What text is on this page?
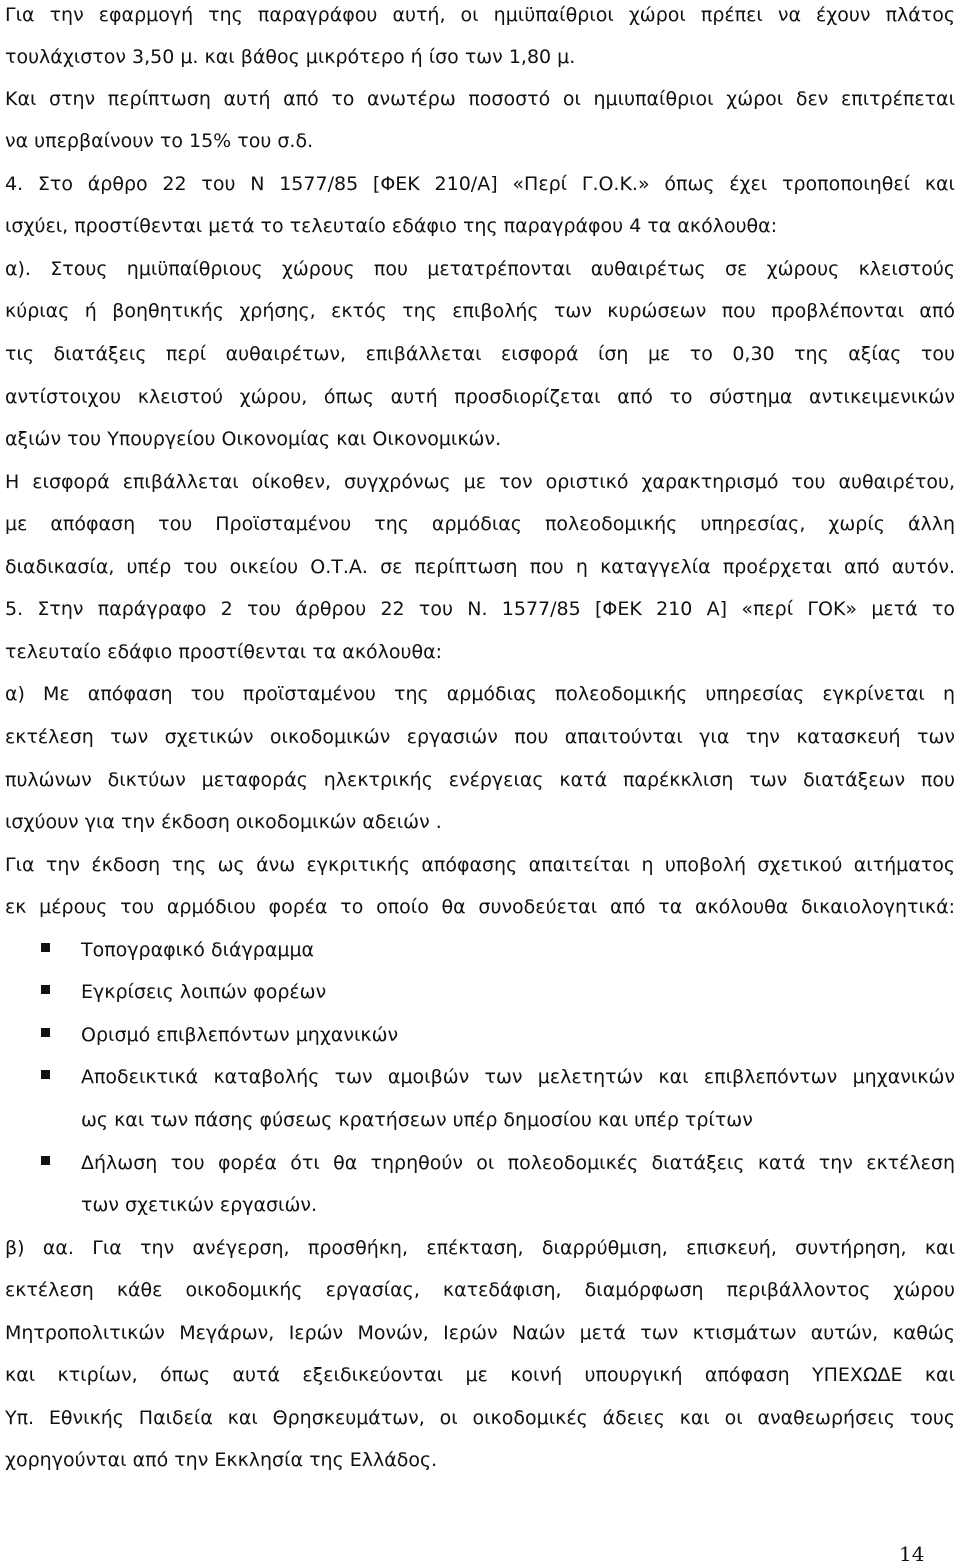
Για την εφαρμογή της παραγράφου αυτή, οι ημιϋπαίθριοι χώροι πρέπει να έχουν πλάτος
τουλάχιστον 3,50 μ. και βάθος μικρότερο ή ίσο των 1,80 μ.
Και στην περίπτωση αυτή από το ανωτέρω ποσοστό οι ημιυπαίθριοι χώροι δεν επιτρέπεται
να υπερβαίνουν το 15% του σ.δ.
4. Στο άρθρο 22 του Ν 1577/85 [ΦΕΚ 210/Α] «Περί Γ.Ο.Κ.» όπως έχει τροποποιηθεί και
ισχύει, προστίθενται μετά το τελευταίο εδάφιο της παραγράφου 4 τα ακόλουθα:
α). Στους ημιϋπαίθριους χώρους που μετατρέπονται αυθαιρέτως σε χώρους κλειστούς
κύριας ή βοηθητικής χρήσης, εκτός της επιβολής των κυρώσεων που προβλέπονται από
τις διατάξεις περί αυθαιρέτων, επιβάλλεται εισφορά ίση με το 0,30 της αξίας του
αντίστοιχου κλειστού χώρου, όπως αυτή προσδιορίζεται από το σύστημα αντικειμενικών
αξιών του Υπουργείου Οικονομίας και Οικονομικών.
Η εισφορά επιβάλλεται οίκοθεν, συγχρόνως με τον οριστικό χαρακτηρισμό του αυθαιρέτου,
με απόφαση του Προϊσταμένου της αρμόδιας πολεοδομικής υπηρεσίας, χωρίς άλλη
διαδικασία, υπέρ του οικείου Ο.Τ.Α. σε περίπτωση που η καταγγελία προέρχεται από αυτόν.
5. Στην παράγραφο 2 του άρθρου 22 του Ν. 1577/85 [ΦΕΚ 210 Α] «περί ΓΟΚ» μετά το
τελευταίο εδάφιο προστίθενται τα ακόλουθα:
α) Με απόφαση του προϊσταμένου της αρμόδιας πολεοδομικής υπηρεσίας εγκρίνεται η
εκτέλεση των σχετικών οικοδομικών εργασιών που απαιτούνται για την κατασκευή των
πυλώνων δικτύων μεταφοράς ηλεκτρικής ενέργειας κατά παρέκκλιση των διατάξεων που
ισχύουν για την έκδοση οικοδομικών αδειών .
Για την έκδοση της ως άνω εγκριτικής απόφασης απαιτείται η υποβολή σχετικού αιτήματος
εκ μέρους του αρμόδιου φορέα το οποίο θα συνοδεύεται από τα ακόλουθα δικαιολογητικά:
Τοπογραφικό διάγραμμα
Εγκρίσεις λοιπών φορέων
Ορισμό επιβλεπόντων μηχανικών
Αποδεικτικά καταβολής των αμοιβών των μελετητών και επιβλεπόντων μηχανικών
ως και των πάσης φύσεως κρατήσεων υπέρ δημοσίου και υπέρ τρίτων
Δήλωση του φορέα ότι θα τηρηθούν οι πολεοδομικές διατάξεις κατά την εκτέλεση
των σχετικών εργασιών.
β) αα. Για την ανέγερση, προσθήκη, επέκταση, διαρρύθμιση, επισκευή, συντήρηση, και
εκτέλεση κάθε οικοδομικής εργασίας, κατεδάφιση, διαμόρφωση περιβάλλοντος χώρου
Μητροπολιτικών Μεγάρων, Ιερών Μονών, Ιερών Ναών μετά των κτισμάτων αυτών, καθώς
και κτιρίων, όπως αυτά εξειδικεύονται με κοινή υπουργική απόφαση ΥΠΕΧΩΔΕ και
Υπ. Εθνικής Παιδεία και Θρησκευμάτων, οι οικοδομικές άδειες και οι αναθεωρήσεις τους
χορηγούνται από την Εκκλησία της Ελλάδος.
14
